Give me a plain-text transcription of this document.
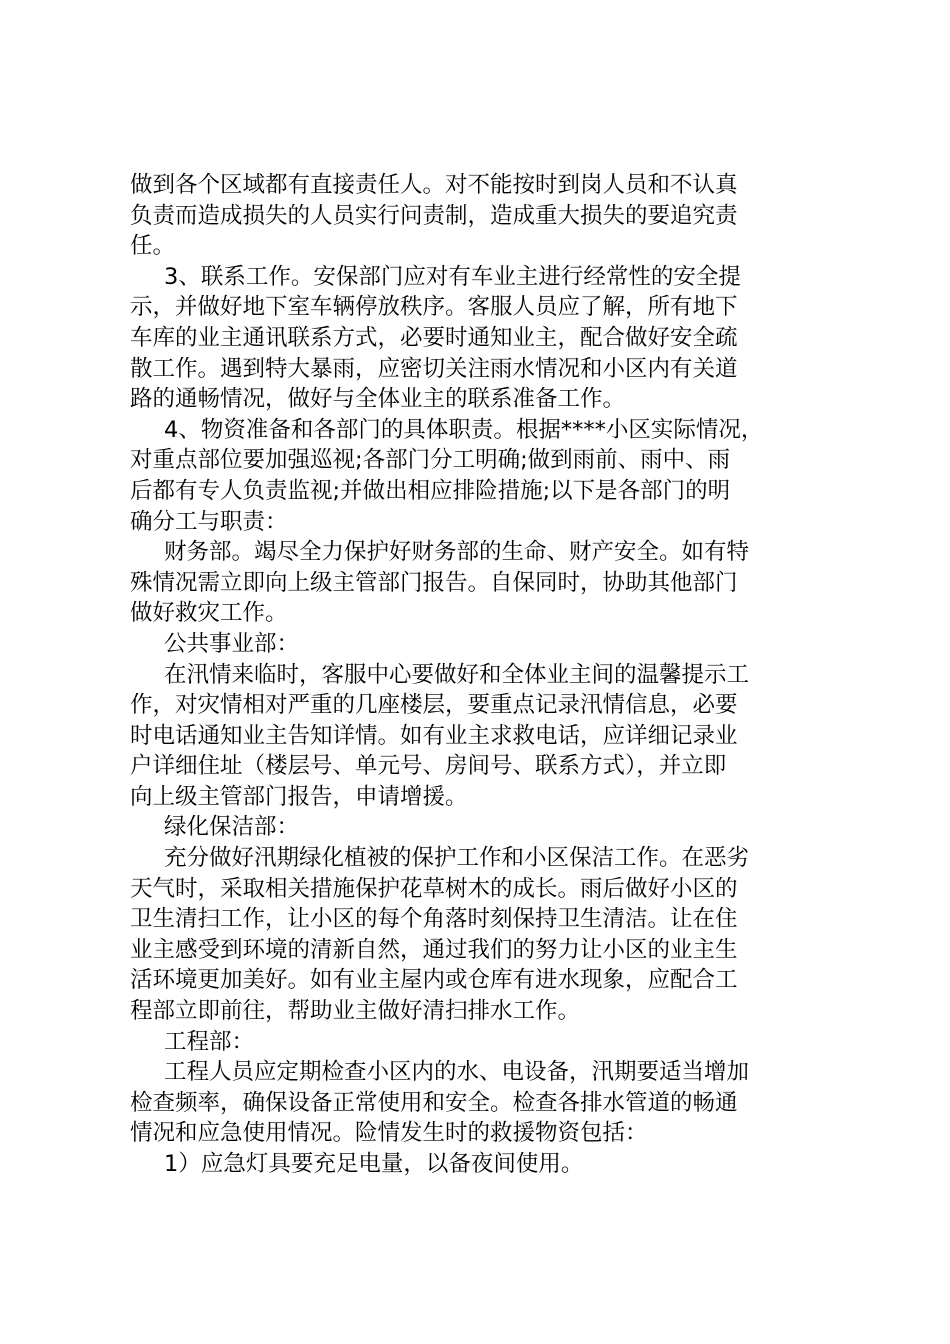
做到各个区域都有直接责任人。对不能按时到岗人员和不认真
负责而造成损失的人员实行问责制，造成重大损失的要追究责
任。
3、联系工作。安保部门应对有车业主进行经常性的安全提
示，并做好地下室车辆停放秩序。客服人员应了解，所有地下
车库的业主通讯联系方式，必要时通知业主，配合做好安全疏
散工作。遇到特大暴雨，应密切关注雨水情况和小区内有关道
路的通畅情况，做好与全体业主的联系准备工作。
4、物资准备和各部门的具体职责。根据****小区实际情况，
对重点部位要加强巡视;各部门分工明确;做到雨前、雨中、雨
后都有专人负责监视;并做出相应排险措施;以下是各部门的明
确分工与职责：
财务部。竭尽全力保护好财务部的生命、财产安全。如有特
殊情况需立即向上级主管部门报告。自保同时，协助其他部门
做好救灾工作。
公共事业部：
在汛情来临时，客服中心要做好和全体业主间的温馨提示工
作，对灾情相对严重的几座楼层，要重点记录汛情信息，必要
时电话通知业主告知详情。如有业主求救电话，应详细记录业
户详细住址（楼层号、单元号、房间号、联系方式），并立即
向上级主管部门报告，申请增援。
绿化保洁部：
充分做好汛期绿化植被的保护工作和小区保洁工作。在恶劣
天气时，采取相关措施保护花草树木的成长。雨后做好小区的
卫生清扫工作，让小区的每个角落时刻保持卫生清洁。让在住
业主感受到环境的清新自然，通过我们的努力让小区的业主生
活环境更加美好。如有业主屋内或仓库有进水现象，应配合工
程部立即前往，帮助业主做好清扫排水工作。
工程部：
工程人员应定期检查小区内的水、电设备，汛期要适当增加
检查频率，确保设备正常使用和安全。检查各排水管道的畅通
情况和应急使用情况。险情发生时的救援物资包括：
1）应急灯具要充足电量，以备夜间使用。
